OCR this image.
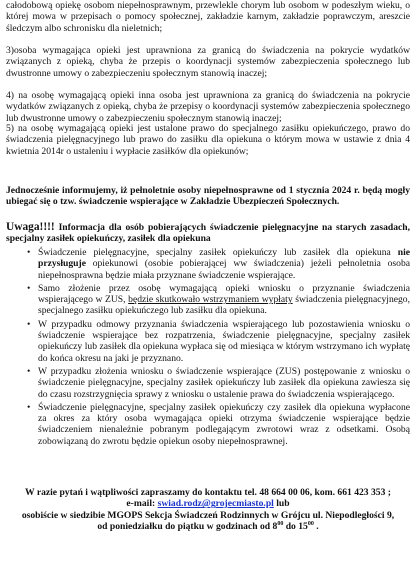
całodobową opiekę osobom niepełnosprawnym, przewlekle chorym lub osobom w podeszłym wieku, o której mowa w przepisach o pomocy społecznej, zakładzie karnym, zakładzie poprawczym, areszcie śledczym albo schronisku dla nieletnich;

3)osoba wymagająca opieki jest uprawniona za granicą do świadczenia na pokrycie wydatków związanych z opieką, chyba że przepis o koordynacji systemów zabezpieczenia społecznego lub dwustronne umowy o zabezpieczeniu społecznym stanowią inaczej;

4) na osobę wymagającą opieki inna osoba jest uprawniona za granicą do świadczenia na pokrycie wydatków związanych z opieką, chyba że przepisy o koordynacji systemów zabezpieczenia społecznego lub dwustronne umowy o zabezpieczeniu społecznym stanowią inaczej;

5) na osobę wymagającą opieki jest ustalone prawo do specjalnego zasiłku opiekuńczego, prawo do świadczenia pielęgnacyjnego lub prawo do zasiłku dla opiekuna o którym mowa w ustawie z dnia 4 kwietnia 2014r o ustaleniu i wypłacie zasiłków dla opiekunów;

Jednocześnie informujemy, iż pełnoletnie osoby niepełnosprawne od 1 stycznia 2024 r. będą mogły ubiegać się o tzw. świadczenie wspierające w Zakładzie Ubezpieczeń Społecznych.

Uwaga!!!! Informacja dla osób pobierających świadczenie pielęgnacyjne na starych zasadach, specjalny zasiłek opiekuńczy, zasiłek dla opiekuna

• Świadczenie pielęgnacyjne, specjalny zasiłek opiekuńczy lub zasiłek dla opiekuna nie przysługuje opiekunowi (osobie pobierającej ww świadczenia) jeżeli pełnoletnia osoba niepełnosprawna będzie miała przyznane świadczenie wspierające.
• Samo złożenie przez osobę wymagającą opieki wniosku o przyznanie świadczenia wspierającego w ZUS, będzie skutkowało wstrzymaniem wypłaty świadczenia pielęgnacyjnego, specjalnego zasiłku opiekuńczego lub zasiłku dla opiekuna.
• W przypadku odmowy przyznania świadczenia wspierającego lub pozostawienia wniosku o świadczenie wspierające bez rozpatrzenia, świadczenie pielęgnacyjne, specjalny zasiłek opiekuńczy lub zasiłek dla opiekuna wypłaca się od miesiąca w którym wstrzymano ich wypłatę do końca okresu na jaki je przyznano.
• W przypadku złożenia wniosku o świadczenie wspierające (ZUS) postępowanie z wniosku o świadczenie pielęgnacyjne, specjalny zasiłek opiekuńczy lub zasiłek dla opiekuna zawiesza się do czasu rozstrzygnięcia sprawy z wniosku o ustalenie prawa do świadczenia wspierającego.
• Świadczenie pielęgnacyjne, specjalny zasiłek opiekuńczy czy zasiłek dla opiekuna wypłacone za okres za który osoba wymagająca opieki otrzyma świadczenie wspierające będzie świadczeniem nienależnie pobranym podlegającym zwrotowi wraz z odsetkami. Osobą zobowiązaną do zwrotu będzie opiekun osoby niepełnosprawnej.
W razie pytań i wątpliwości zapraszamy do kontaktu tel. 48 664 00 06, kom. 661 423 353 ;
e-mail: swiad.rodz@grojecmiasto.pl lub
osobiście w siedzibie MGOPS Sekcja Świadczeń Rodzinnych w Grójcu ul. Niepodległości 9,
od poniedziałku do piątku w godzinach od $8^{00}$ do $15^{00}$ .
